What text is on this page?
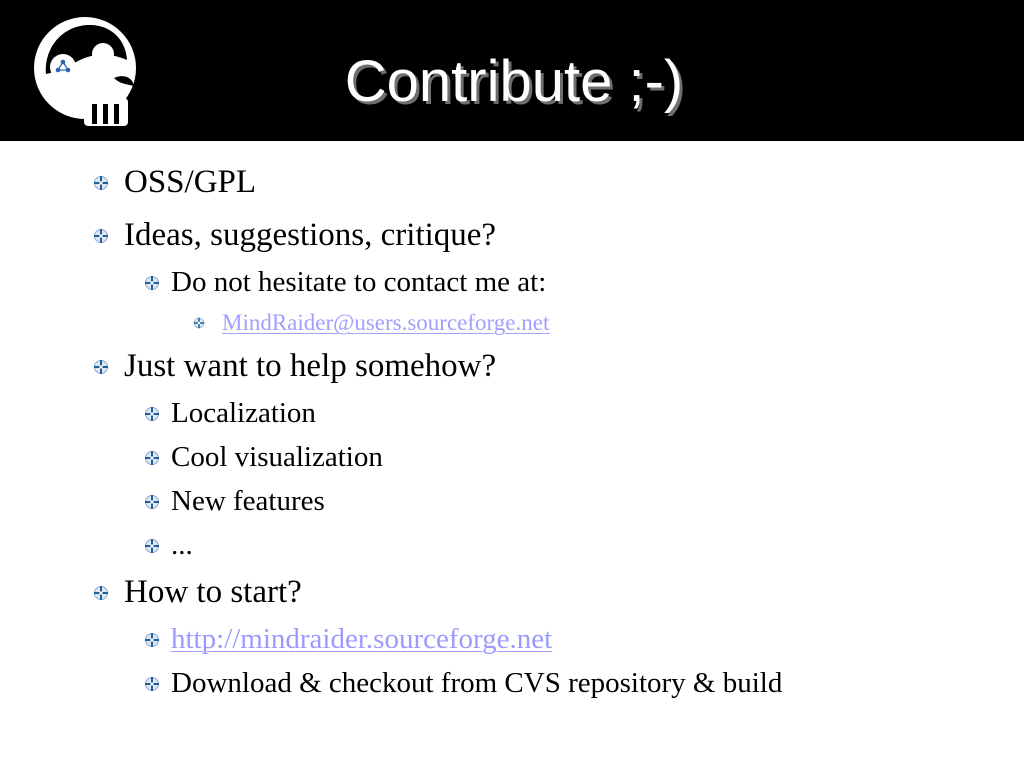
Contribute ;-)
OSS/GPL
Ideas, suggestions, critique?
Do not hesitate to contact me at:
MindRaider@users.sourceforge.net
Just want to help somehow?
Localization
Cool visualization
New features
...
How to start?
http://mindraider.sourceforge.net
Download & checkout from CVS repository & build
